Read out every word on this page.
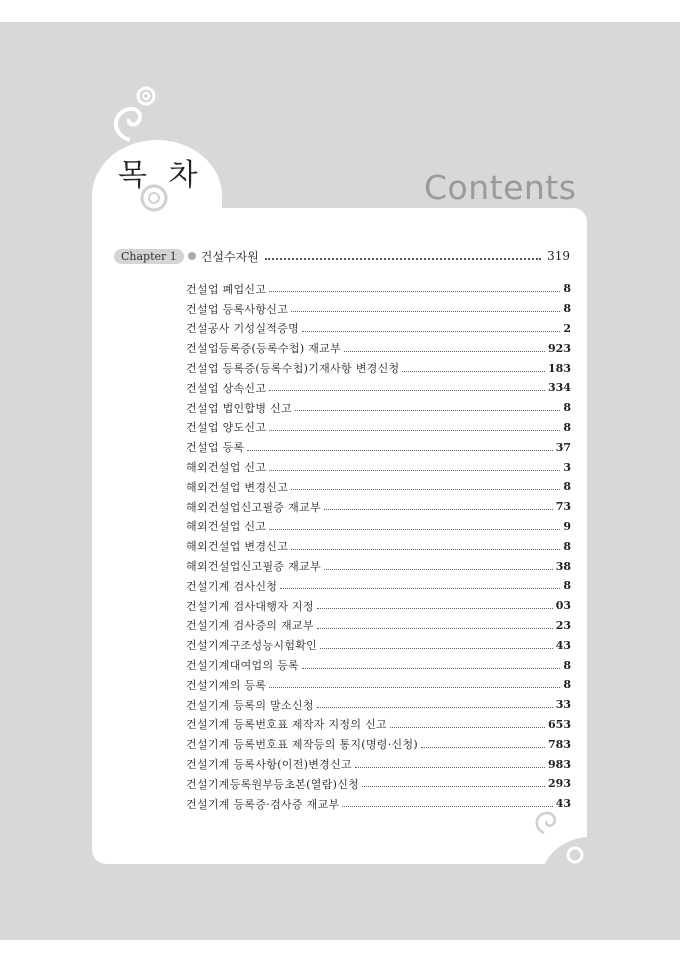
목 차	Contents
Chapter 1	건설수자원	319
건설업 폐업신고	8
건설업 등록사항신고	8
건설공사 기성실적증명	2
건설업등록증(등록수첩) 재교부	923
건설업 등록증(등록수첩)기재사항 변경신청	183
건설업 상속신고	334
건설업 법인합병 신고	8
건설업 양도신고	8
건설업 등록	37
해외건설업 신고	3
해외건설업 변경신고	8
해외건설업신고필증 재교부	73
해외건설업 신고	9
해외건설업 변경신고	8
해외건설업신고필증 재교부	38
건설기계 검사신청	8
건설기계 검사대행자 지정	03
건설기계 검사증의 재교부	23
건설기계구조성능시험확인	43
건설기계대여업의 등록	8
건설기계의 등록	8
건설기계 등록의 말소신청	33
건설기계 등록번호표 제작자 지정의 신고	653
건설기계 등록번호표 제작등의 통지(명령·신청)	783
건설기계 등록사항(이전)변경신고	983
건설기계등록원부등초본(열람)신청	293
건설기계 등록증·검사증 재교부	43
